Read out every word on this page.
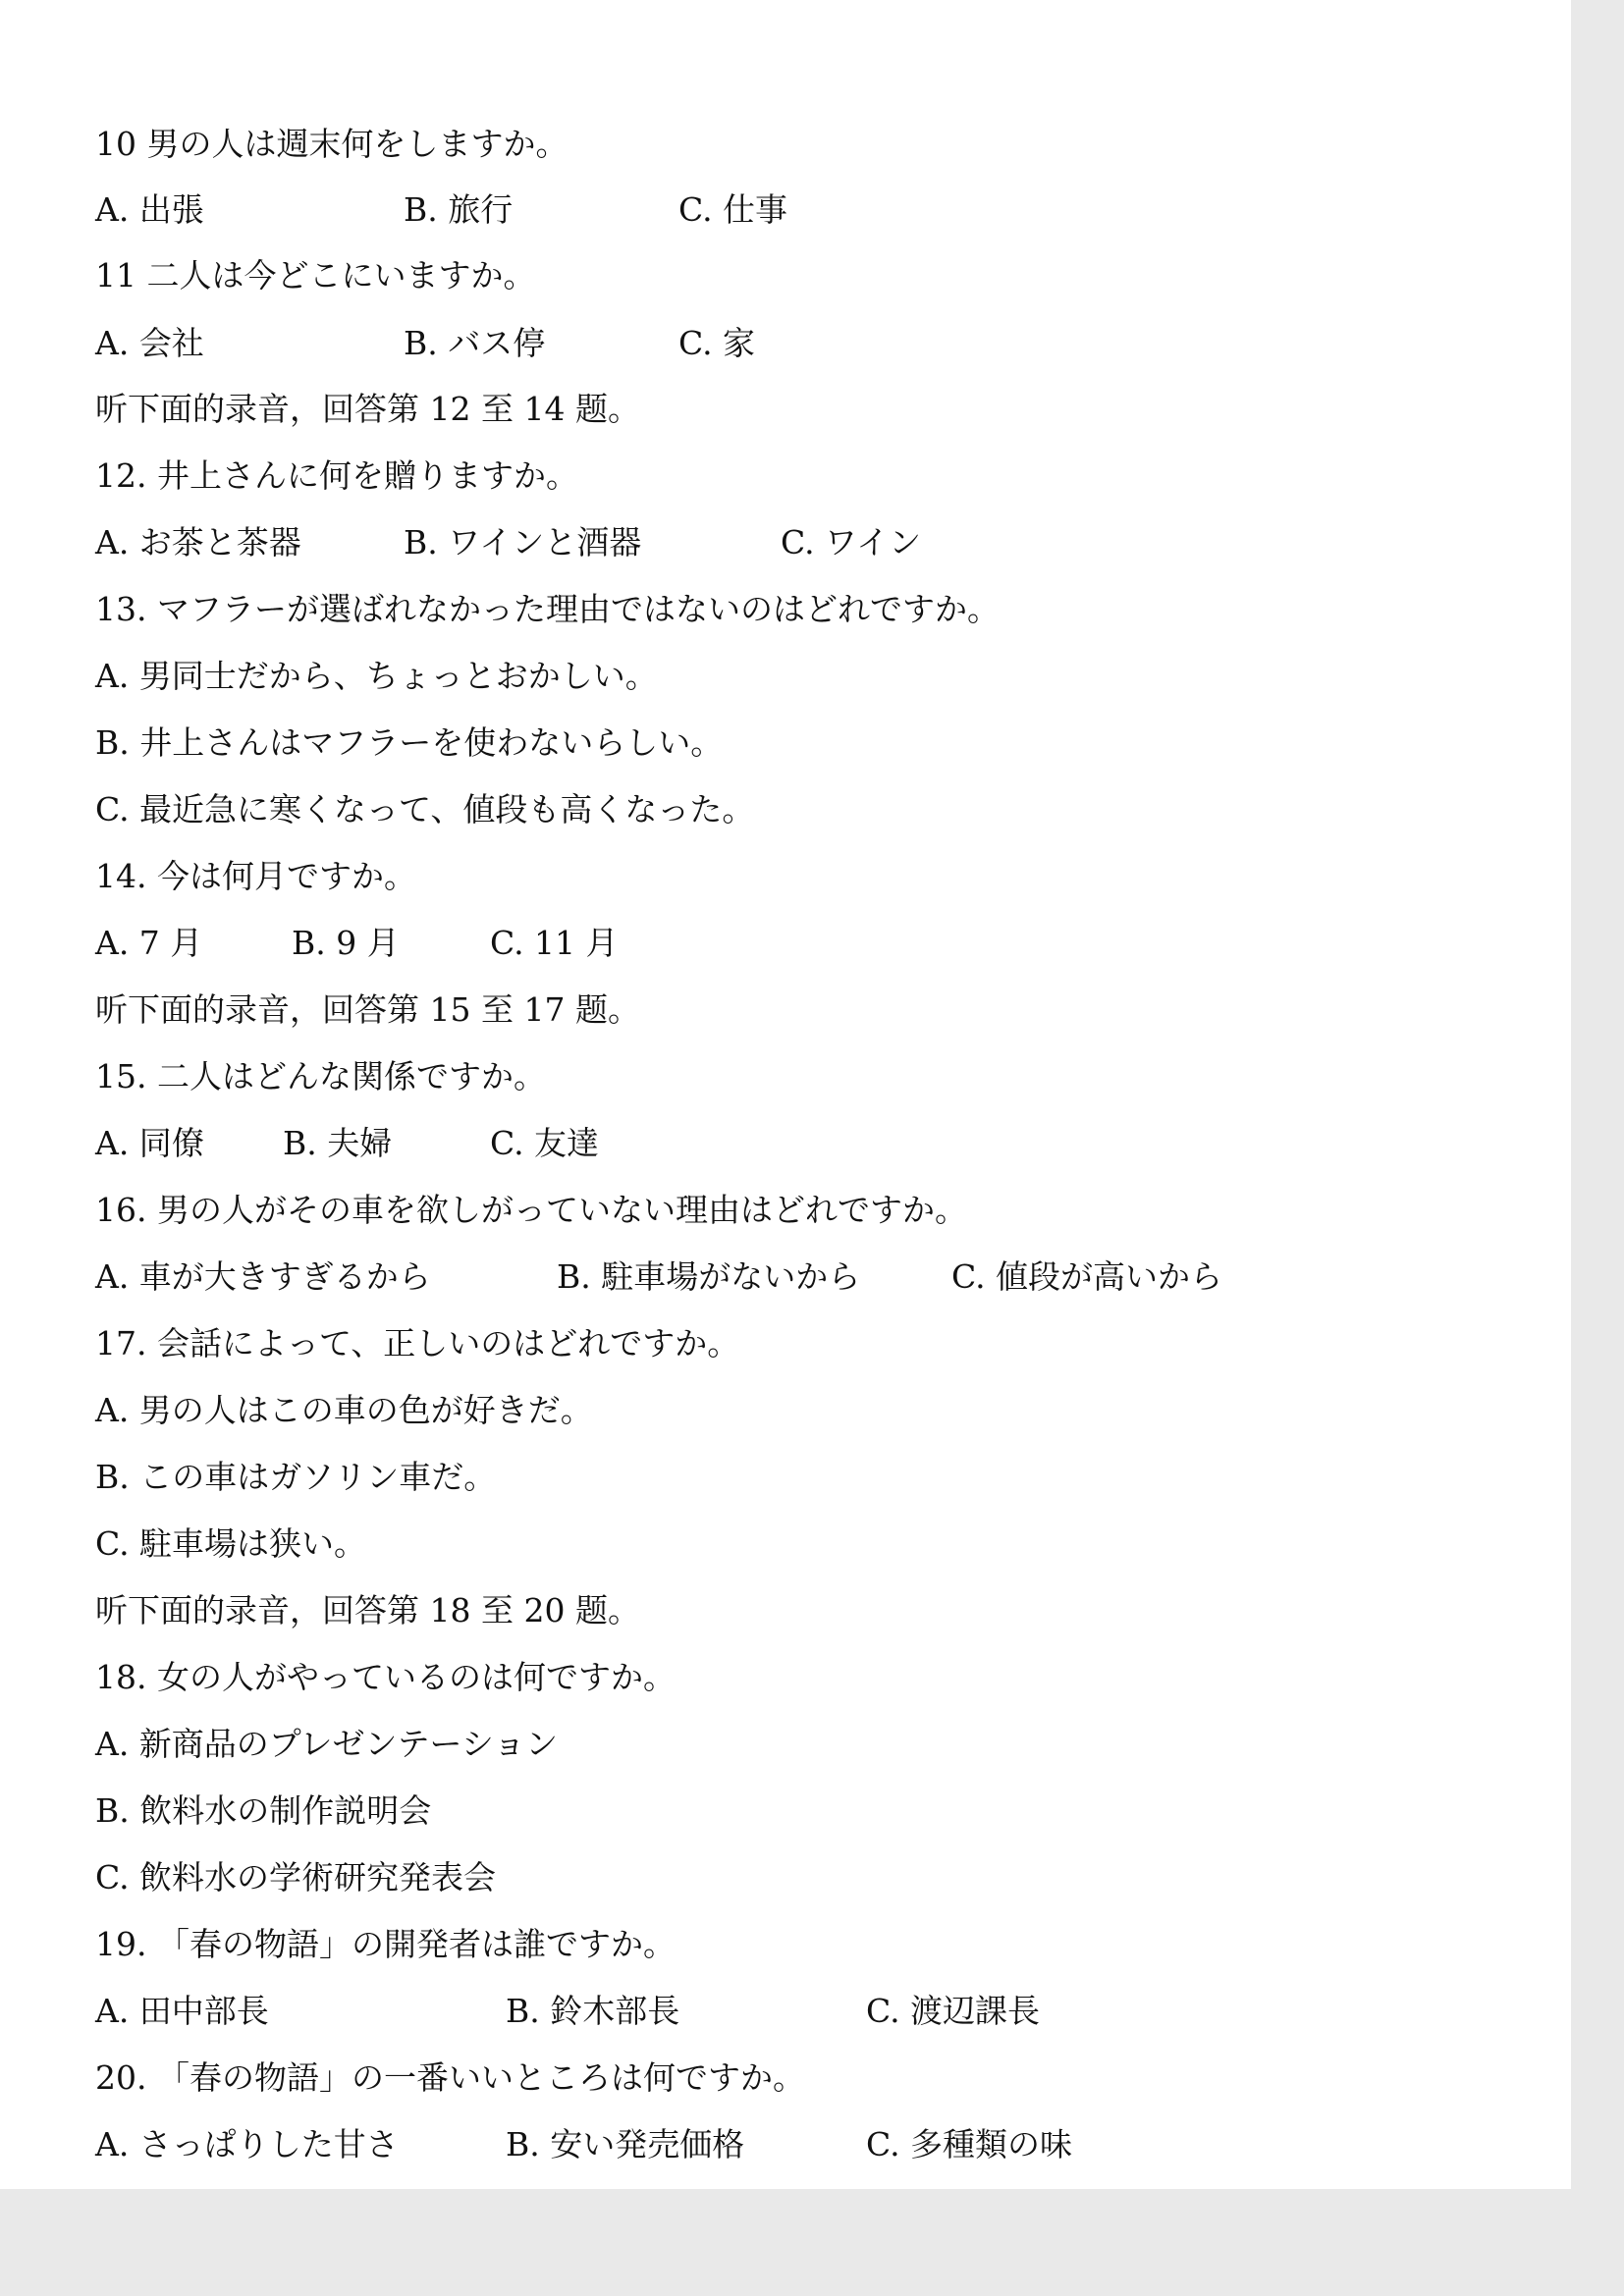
10 男の人は週末何をしますか。
A. 出張	B. 旅行	C. 仕事
11 二人は今どこにいますか。
A. 会社	B. バス停	C. 家
听下面的录音，回答第 12 至 14 题。
12. 井上さんに何を贈りますか。
A. お茶と茶器	B. ワインと酒器	C. ワイン
13. マフラーが選ばれなかった理由ではないのはどれですか。
A. 男同士だから、ちょっとおかしい。
B. 井上さんはマフラーを使わないらしい。
C. 最近急に寒くなって、値段も高くなった。
14. 今は何月ですか。
A. 7 月	B. 9 月	C. 11 月
听下面的录音，回答第 15 至 17 题。
15. 二人はどんな関係ですか。
A. 同僚 B. 夫婦	C. 友達
16. 男の人がその車を欲しがっていない理由はどれですか。
A. 車が大きすぎるから	B. 駐車場がないから	C. 値段が高いから
17. 会話によって、正しいのはどれですか。
A. 男の人はこの車の色が好きだ。
B. この車はガソリン車だ。
C. 駐車場は狭い。
听下面的录音，回答第 18 至 20 题。
18. 女の人がやっているのは何ですか。
A. 新商品のプレゼンテーション
B. 飲料水の制作説明会
C. 飲料水の学術研究発表会
19. 「春の物語」の開発者は誰ですか。
A. 田中部長	B. 鈴木部長	C. 渡辺課長
20. 「春の物語」の一番いいところは何ですか。
A. さっぱりした甘さ	B. 安い発売価格	C. 多種類の味
